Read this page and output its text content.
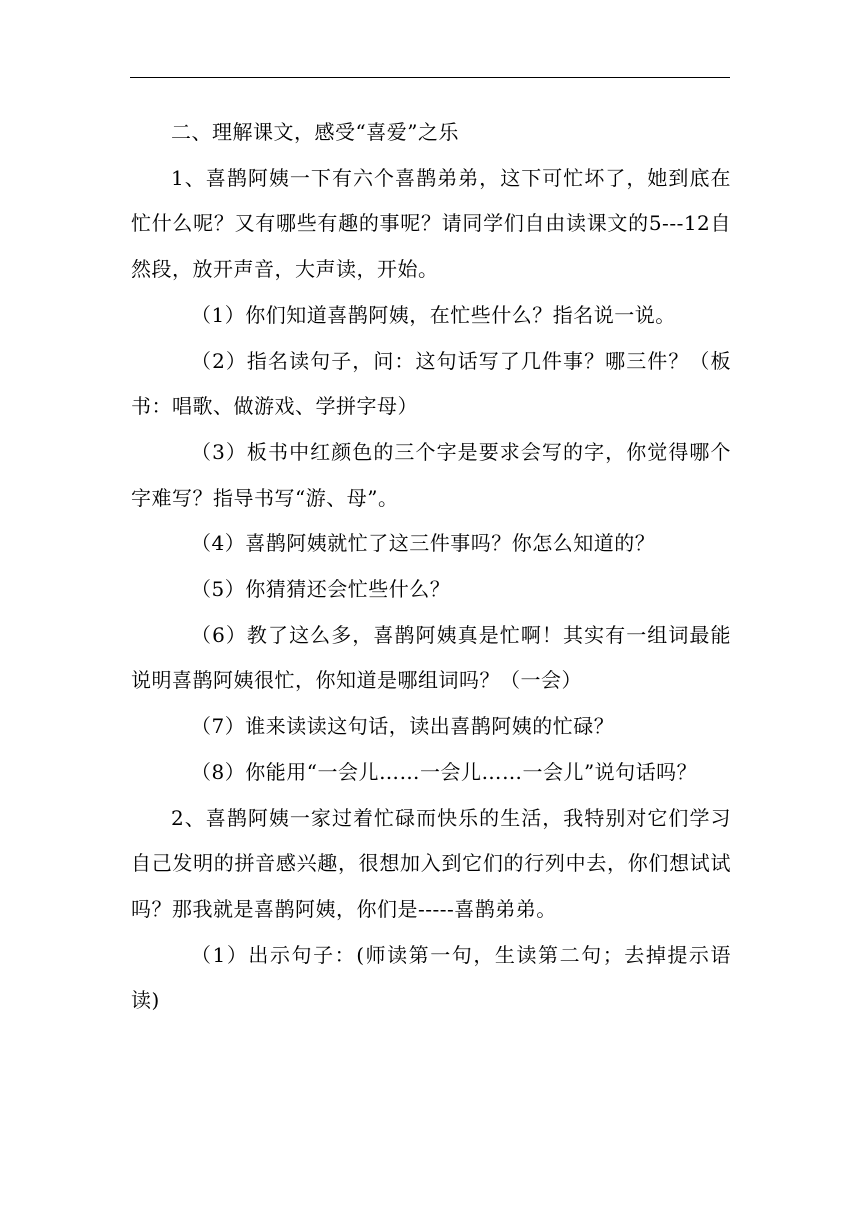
二、理解课文，感受“喜爱”之乐

1、喜鹊阿姨一下有六个喜鹊弟弟，这下可忙坏了，她到底在忙什么呢？又有哪些有趣的事呢？请同学们自由读课文的5---12自然段，放开声音，大声读，开始。

（1）你们知道喜鹊阿姨，在忙些什么？指名说一说。

（2）指名读句子，问：这句话写了几件事？哪三件？（板书：唱歌、做游戏、学拼字母）

（3）板书中红颜色的三个字是要求会写的字，你觉得哪个字难写？指导书写“游、母”。

（4）喜鹊阿姨就忙了这三件事吗？你怎么知道的？

（5）你猜猜还会忙些什么？

（6）教了这么多，喜鹊阿姨真是忙啊！其实有一组词最能说明喜鹊阿姨很忙，你知道是哪组词吗？（一会）

（7）谁来读读这句话，读出喜鹊阿姨的忙碌？

（8）你能用“一会儿……一会儿……一会儿”说句话吗？

2、喜鹊阿姨一家过着忙碌而快乐的生活，我特别对它们学习自己发明的拼音感兴趣，很想加入到它们的行列中去，你们想试试吗？那我就是喜鹊阿姨，你们是-----喜鹊弟弟。

（1）出示句子：(师读第一句，生读第二句；去掉提示语读)
